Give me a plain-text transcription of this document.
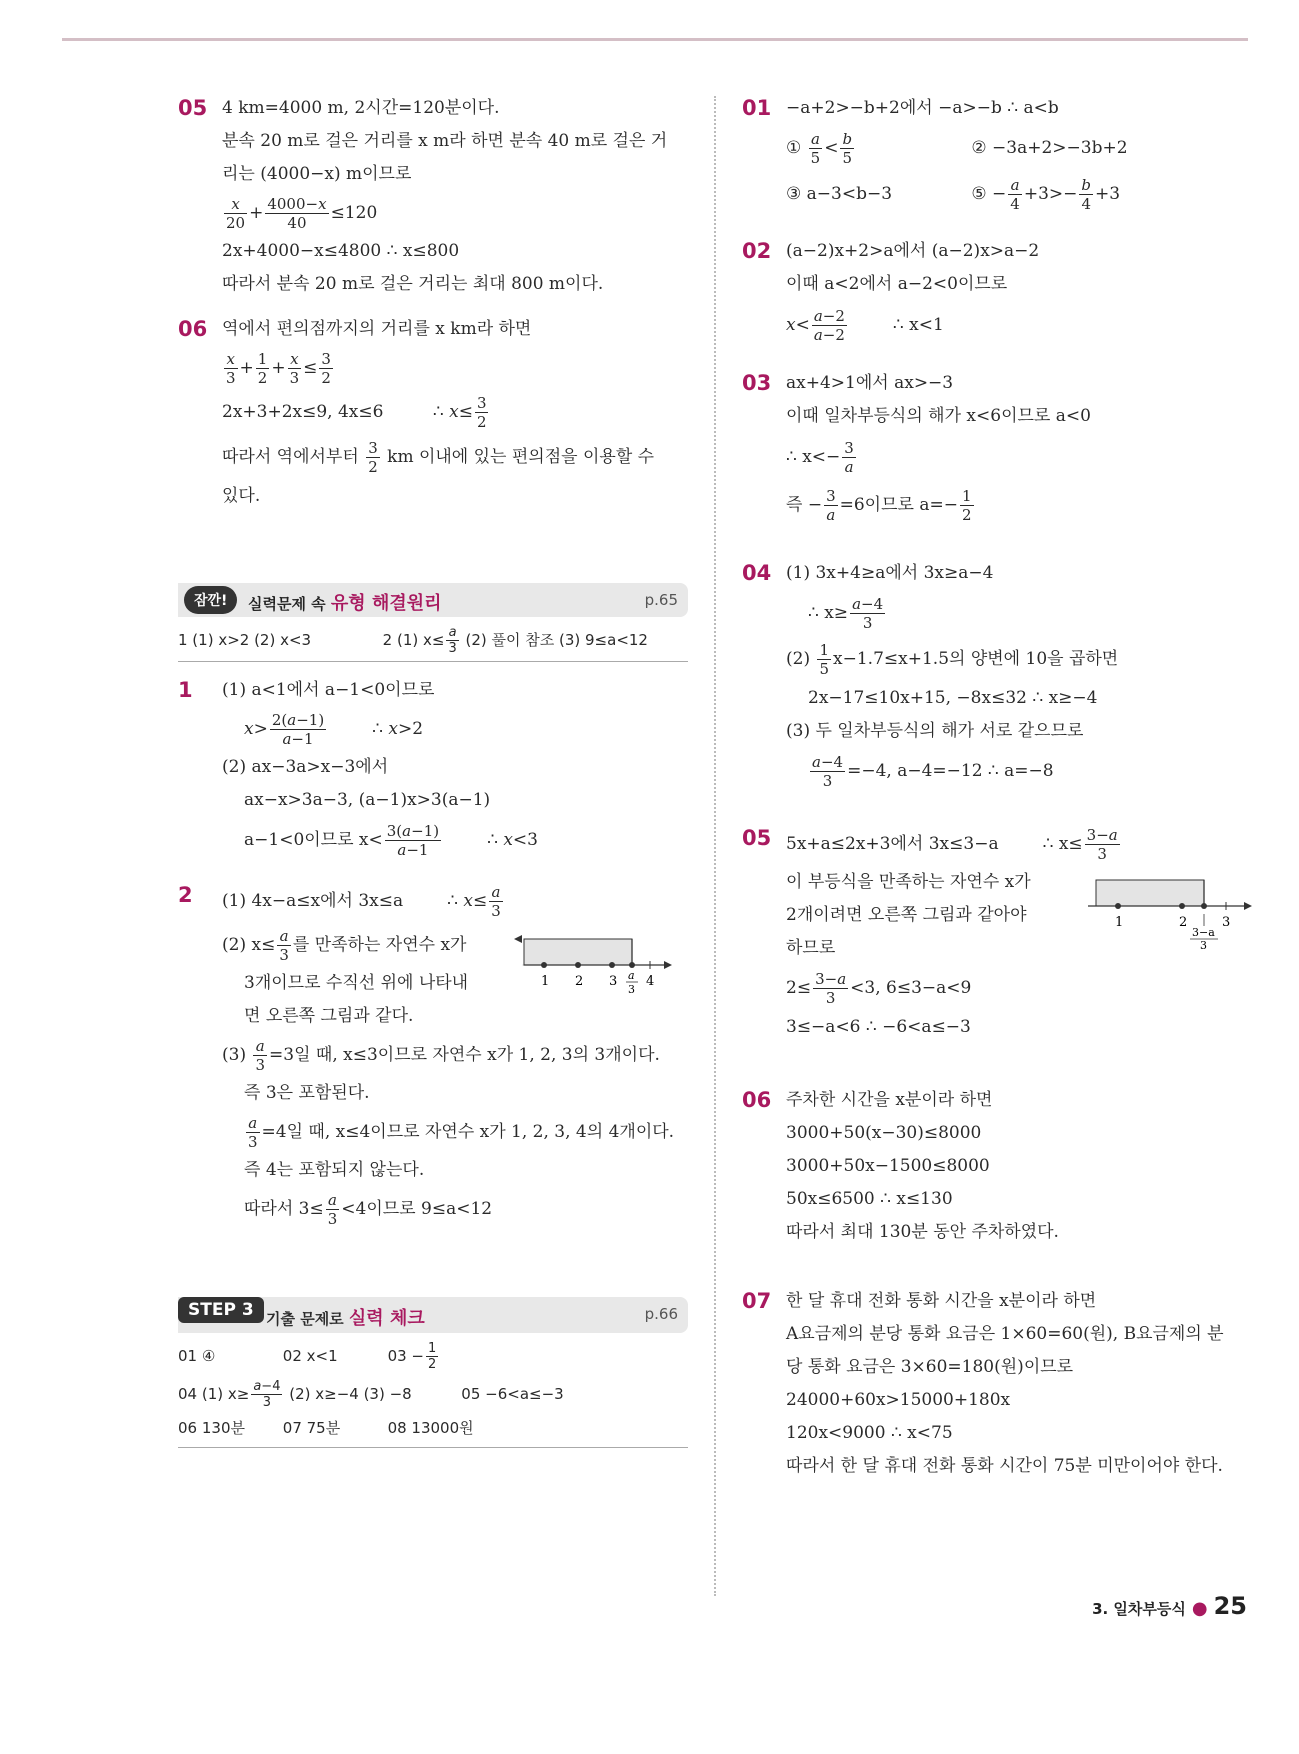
05 4 km=4000 m, 2시간=120분이다.
분속 20 m로 걸은 거리를 x m라 하면 분속 40 m로 걸은 거
리는 (4000−x) m이므로
$\frac{x}{20} + \frac{4000-x}{40} \le 120$
2x+4000−x≤4800 ∴ x≤800
따라서 분속 20 m로 걸은 거리는 최대 800 m이다.
06 역에서 편의점까지의 거리를 x km라 하면
$\frac{x}{3} + \frac{1}{2} + \frac{x}{3} \le \frac{3}{2}$
2x+3+2x≤9, 4x≤6	∴ $x\le \frac{3}{2}$
따라서 역에서부터 $\frac{3}{2}$ km 이내에 있는 편의점을 이용할 수
있다.
잠깐!	실력문제 속 유형 해결원리	p.65
1 (1) x>2 (2) x<3	2 (1) $x\le \frac{a}{3} (2)$ 풀이 참조 (3) 9≤a<12
1 (1) a<1에서 a−1<0이므로
$x> \frac{2(a-1)}{a-1}$	∴ x>2
(2) ax−3a>x−3에서
ax−x>3a−3, (a−1)x>3(a−1)
a−1<0이므로 $x< \frac{3(a-1)}{a-1}$	∴ x<3
2 (1) 4x−a≤x에서 3x≤a	∴ $x\le \frac{a}{3}$
(2) $x\le \frac{a}{3}$ 를 만족하는 자연수 x가
3개이므로 수직선 위에 나타내
면 오른쪽 그림과 같다.
1 2 3 4
a
3
$(3) \frac{a}{3} =3$일 때, x≤3이므로 자연수 x가 1, 2, 3의 3개이다.
즉 3은 포함된다.
$\frac{a}{3} =4$일 때, x≤4이므로 자연수 x가 1, 2, 3, 4의 4개이다.
즉 4는 포함되지 않는다.
따라서 $3\le \frac{a}{3} <4$이므로 9≤a<12
STEP 3 기출 문제로 실력 체크	p.66
01 ④	02 x<1	$03 - \frac{1}{2}$
04 (1) $x\ge \frac{a-4}{3} (2)$ x≥−4 (3) −8	05 −6<a≤−3
06 130분	07 75분	08 13000원
01 −a+2>−b+2에서 −a>−b ∴ a<b
① $\frac{a}{5} < \frac{b}{5}$	② −3a+2>−3b+2
③ a−3<b−3	⑤ − $\frac{a}{4} +3>- \frac{b}{4} +3$
02 (a−2)x+2>a에서 (a−2)x>a−2
이때 a<2에서 a−2<0이므로
$x< \frac{a-2}{a-2}$	∴ x<1
03 ax+4>1에서 ax>−3
이때 일차부등식의 해가 x<6이므로 a<0
∴ $x<- \frac{3}{a}$
즉 − $\frac{3}{a} =6$이므로 $a=- \frac{1}{2}$
04 (1) 3x+4≥a에서 3x≥a−4
∴ $x\ge \frac{a-4}{3}$
$(2) \frac{1}{5} x-1.7\le x+1.5$의 양변에 10을 곱하면
2x−17≤10x+15, −8x≤32 ∴ x≥−4
(3) 두 일차부등식의 해가 서로 같으므로
$\frac{a-4}{3} =-4$, a−4=−12 ∴ a=−8
05 5x+a≤2x+3에서 3x≤3−a	∴ $x\le \frac{3-a}{3}$
이 부등식을 만족하는 자연수 x가
2개이려면 오른쪽 그림과 같아야
하므로
1	2	3
3−a
3
$2\le \frac{3-a}{3} <3$, 6≤3−a<9
3≤−a<6 ∴ −6<a≤−3
06 주차한 시간을 x분이라 하면
3000+50(x−30)≤8000
3000+50x−1500≤8000
50x≤6500 ∴ x≤130
따라서 최대 130분 동안 주차하였다.
07 한 달 휴대 전화 통화 시간을 x분이라 하면
A요금제의 분당 통화 요금은 1×60=60(원), B요금제의 분
당 통화 요금은 3×60=180(원)이므로
24000+60x>15000+180x
120x<9000 ∴ x<75
따라서 한 달 휴대 전화 통화 시간이 75분 미만이어야 한다.
3. 일차부등식 ● 25
